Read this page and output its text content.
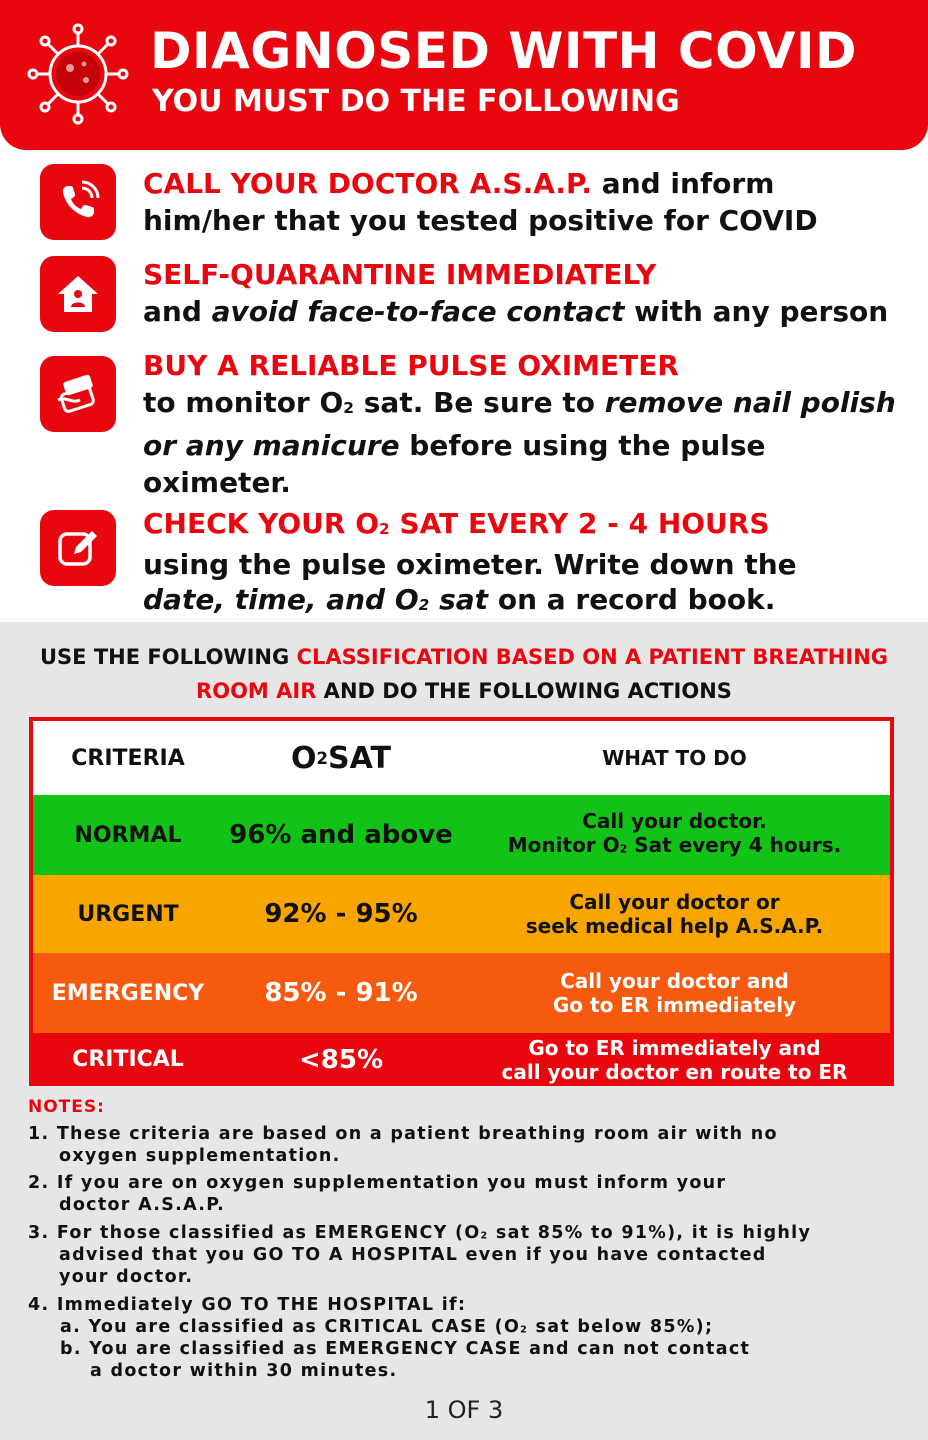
DIAGNOSED WITH COVID
YOU MUST DO THE FOLLOWING
CALL YOUR DOCTOR A.S.A.P. and inform
him/her that you tested positive for COVID
SELF-QUARANTINE IMMEDIATELY
and avoid face-to-face contact with any person
BUY A RELIABLE PULSE OXIMETER
to monitor O2 sat. Be sure to remove nail polish or any manicure before using the pulse oximeter.
CHECK YOUR O2 SAT EVERY 2 - 4 HOURS
using the pulse oximeter. Write down the
date, time, and O2 sat on a record book.
USE THE FOLLOWING CLASSIFICATION BASED ON A PATIENT BREATHING ROOM AIR AND DO THE FOLLOWING ACTIONS
CRITERIA	O 2 SAT	WHAT TO DO
NORMAL	96% and above	Call your doctor.
Monitor O2 Sat every 4 hours.
URGENT	92% - 95%	Call your doctor or
seek medical help A.S.A.P.
EMERGENCY	85% - 91%	Call your doctor and
Go to ER immediately
CRITICAL	<85%	Go to ER immediately and
call your doctor en route to ER
NOTES:
1. These criteria are based on a patient breathing room air with no
oxygen supplementation.
2. If you are on oxygen supplementation you must inform your
doctor A.S.A.P.
3. For those classified as EMERGENCY (O2 sat 85% to 91%), it is highly
advised that you GO TO A HOSPITAL even if you have contacted
your doctor.
4. Immediately GO TO THE HOSPITAL if:
a. You are classified as CRITICAL CASE (O2 sat below 85%);
b. You are classified as EMERGENCY CASE and can not contact
a doctor within 30 minutes.
1 OF 3
